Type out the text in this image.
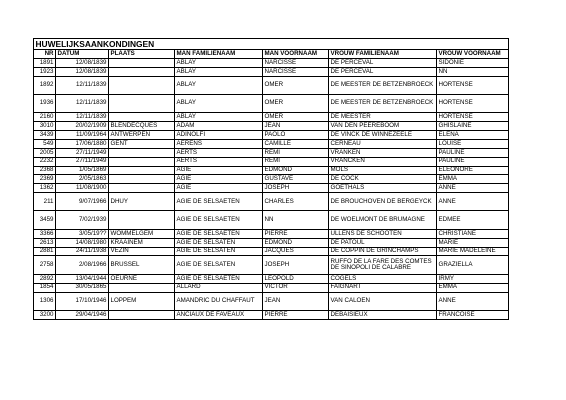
HUWELIJKSAANKONDINGEN						
NR	DATUM	PLAATS	MAN FAMILIENAAM	MAN VOORNAAM	VROUW FAMILIENAAM	VROUW VOORNAAM
1891	12/08/1839		ABLAY	NARCISSE	DE PERCEVAL	SIDONIE
1923	12/08/1839		ABLAY	NARCISSE	DE PERCEVAL	NN
1892	12/11/1839		ABLAY	OMER	DE MEESTER DE BETZENBROECK	HORTENSE
1936	12/11/1839		ABLAY	OMER	DE MEESTER DE BETZENBROECK	HORTENSE
2160	12/11/1839		ABLAY	OMER	DE MEESTER	HORTENSE
3010	20/02/1909	BLENDECQUES	ADAM	JEAN	VAN DEN PEEREBOOM	GHISLAINE
3439	11/09/1964	ANTWERPEN	ADINOLFI	PAOLO	DE VINCK DE WINNEZEELE	ELENA
549	17/06/1880	GENT	AERENS	CAMILLE	CERNEAU	LOUISE
2005	27/11/1949		AERTS	REMI	VRANKEN	PAULINE
2232	27/11/1949		AERTS	REMI	VRANCKEN	PAULINE
2368	1/05/1869		AGIE	EDMOND	MOLS	ELEONORE
2369	2/05/1863		AGIE	GUSTAVE	DE COCK	EMMA
1362	11/08/1900		AGIE	JOSEPH	GOETHALS	ANNE
211	9/07/1966	DHUY	AGIE DE SELSAETEN	CHARLES	DE BROUCHOVEN DE BERGEYCK	ANNE
3459	7/02/1939		AGIE DE SELSAETEN	NN	DE WOELMONT DE BRUMAGNE	EDMEE
3366	3/05/19??	WOMMELGEM	AGIE DE SELSAETEN	PIERRE	ULLENS DE SCHOOTEN	CHRISTIANE
2613	14/08/1980	KRAAINEM	AGIE DE SELSATEN	EDMOND	DE PATOUL	MARIE
2881	24/11/1938	VEZIN	AGIE DE SELSATEN	JACQUES	DE COPPIN DE GRINCHAMPS	MARIE MADELEINE
2758	2/08/1966	BRUSSEL	AGIE DE SELSATEN	JOSEPH	RUFFO DE LA FARE DES COMTES DE SINOPOLI DE CALABRE	GRAZIELLA
2892	13/04/1944	OEURNE	AGIE DE SELSAETEN	LEOPOLD	COGELS	IRMY
1854	30/05/1865		ALLARD	VICTOR	FAIGNART	EMMA
1306	17/10/1946	LOPPEM	AMANDRIC DU CHAFFAUT	JEAN	VAN CALOEN	ANNE
3200	29/04/1946		ANCIAUX DE FAVEAUX	PIERRE	DEBAISIEUX	FRANCOISE
